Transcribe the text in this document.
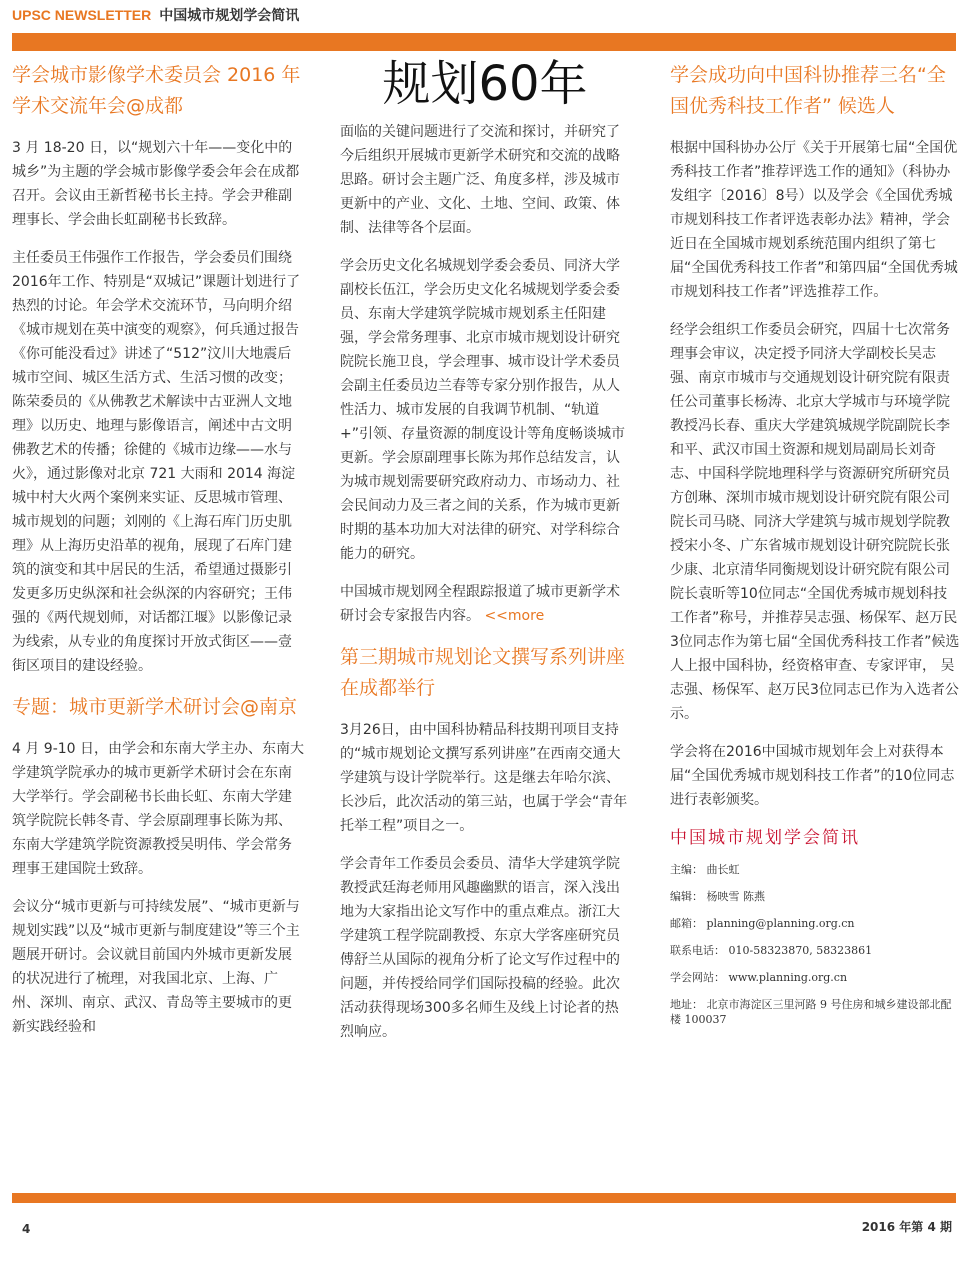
UPSC NEWSLETTER 中国城市规划学会简讯
规划60年
学会城市影像学术委员会 2016 年学术交流年会@成都

3 月 18-20 日，以“规划六十年——变化中的城乡”为主题的学会城市影像学委会年会在成都召开。会议由王新哲秘书长主持。学会尹稚副理事长、学会曲长虹副秘书长致辞。

主任委员王伟强作工作报告，学会委员们围绕2016年工作、特别是“双城记”课题计划进行了热烈的讨论。年会学术交流环节，马向明介绍《城市规划在英中演变的观察》，何兵通过报告《你可能没看过》讲述了“512”汶川大地震后城市空间、城区生活方式、生活习惯的改变；陈荣委员的《从佛教艺术解读中古亚洲人文地理》以历史、地理与影像语言，阐述中古文明佛教艺术的传播；徐健的《城市边缘——水与火》，通过影像对北京 721 大雨和 2014 海淀城中村大火两个案例来实证、反思城市管理、城市规划的问题；刘刚的《上海石库门历史肌理》从上海历史沿革的视角，展现了石库门建筑的演变和其中居民的生活，希望通过摄影引发更多历史纵深和社会纵深的内容研究；王伟强的《两代规划师，对话都江堰》以影像记录为线索，从专业的角度探讨开放式街区——壹街区项目的建设经验。

专题：城市更新学术研讨会@南京

4 月 9-10 日，由学会和东南大学主办、东南大学建筑学院承办的城市更新学术研讨会在东南大学举行。学会副秘书长曲长虹、东南大学建筑学院院长韩冬青、学会原副理事长陈为邦、东南大学建筑学院资源教授吴明伟、学会常务理事王建国院士致辞。

会议分“城市更新与可持续发展”、“城市更新与规划实践”以及“城市更新与制度建设”等三个主题展开研讨。会议就目前国内外城市更新发展的状况进行了梳理，对我国北京、上海、广州、深圳、南京、武汉、青岛等主要城市的更新实践经验和

面临的关键问题进行了交流和探讨，并研究了今后组织开展城市更新学术研究和交流的战略思路。研讨会主题广泛、角度多样，涉及城市更新中的产业、文化、土地、空间、政策、体制、法律等各个层面。

学会历史文化名城规划学委会委员、同济大学副校长伍江，学会历史文化名城规划学委会委员、东南大学建筑学院城市规划系主任阳建强，学会常务理事、北京市城市规划设计研究院院长施卫良，学会理事、城市设计学术委员会副主任委员边兰春等专家分别作报告，从人性活力、城市发展的自我调节机制、“轨道+”引领、存量资源的制度设计等角度畅谈城市更新。学会原副理事长陈为邦作总结发言，认为城市规划需要研究政府动力、市场动力、社会民间动力及三者之间的关系，作为城市更新时期的基本功加大对法律的研究、对学科综合能力的研究。

中国城市规划网全程跟踪报道了城市更新学术研讨会专家报告内容。 <<more

第三期城市规划论文撰写系列讲座在成都举行

3月26日，由中国科协精品科技期刊项目支持的“城市规划论文撰写系列讲座”在西南交通大学建筑与设计学院举行。这是继去年哈尔滨、长沙后，此次活动的第三站，也属于学会“青年托举工程”项目之一。

学会青年工作委员会委员、清华大学建筑学院教授武廷海老师用风趣幽默的语言，深入浅出地为大家指出论文写作中的重点难点。浙江大学建筑工程学院副教授、东京大学客座研究员傅舒兰从国际的视角分析了论文写作过程中的问题，并传授给同学们国际投稿的经验。此次活动获得现场300多名师生及线上讨论者的热烈响应。

学会成功向中国科协推荐三名“全国优秀科技工作者” 候选人

根据中国科协办公厅《关于开展第七届“全国优秀科技工作者”推荐评选工作的通知》（科协办发组字〔2016〕8号）以及学会《全国优秀城市规划科技工作者评选表彰办法》精神，学会近日在全国城市规划系统范围内组织了第七届“全国优秀科技工作者”和第四届“全国优秀城市规划科技工作者”评选推荐工作。

经学会组织工作委员会研究，四届十七次常务理事会审议，决定授予同济大学副校长吴志强、南京市城市与交通规划设计研究院有限责任公司董事长杨涛、北京大学城市与环境学院教授冯长春、重庆大学建筑城规学院副院长李和平、武汉市国土资源和规划局副局长刘奇志、中国科学院地理科学与资源研究所研究员方创琳、深圳市城市规划设计研究院有限公司院长司马晓、同济大学建筑与城市规划学院教授宋小冬、广东省城市规划设计研究院院长张少康、北京清华同衡规划设计研究院有限公司院长袁昕等10位同志“全国优秀城市规划科技工作者”称号，并推荐吴志强、杨保军、赵万民3位同志作为第七届“全国优秀科技工作者”候选人上报中国科协，经资格审查、专家评审， 吴志强、杨保军、赵万民3位同志已作为入选者公示。

学会将在2016中国城市规划年会上对获得本届“全国优秀城市规划科技工作者”的10位同志进行表彰颁奖。

中国城市规划学会简讯
主编： 曲长虹
编辑： 杨映雪 陈燕
邮箱： planning@planning.org.cn
联系电话： 010-58323870, 58323861
学会网站： www.planning.org.cn
地址： 北京市海淀区三里河路 9 号住房和城乡建设部北配楼 100037
4	2016 年第 4 期
